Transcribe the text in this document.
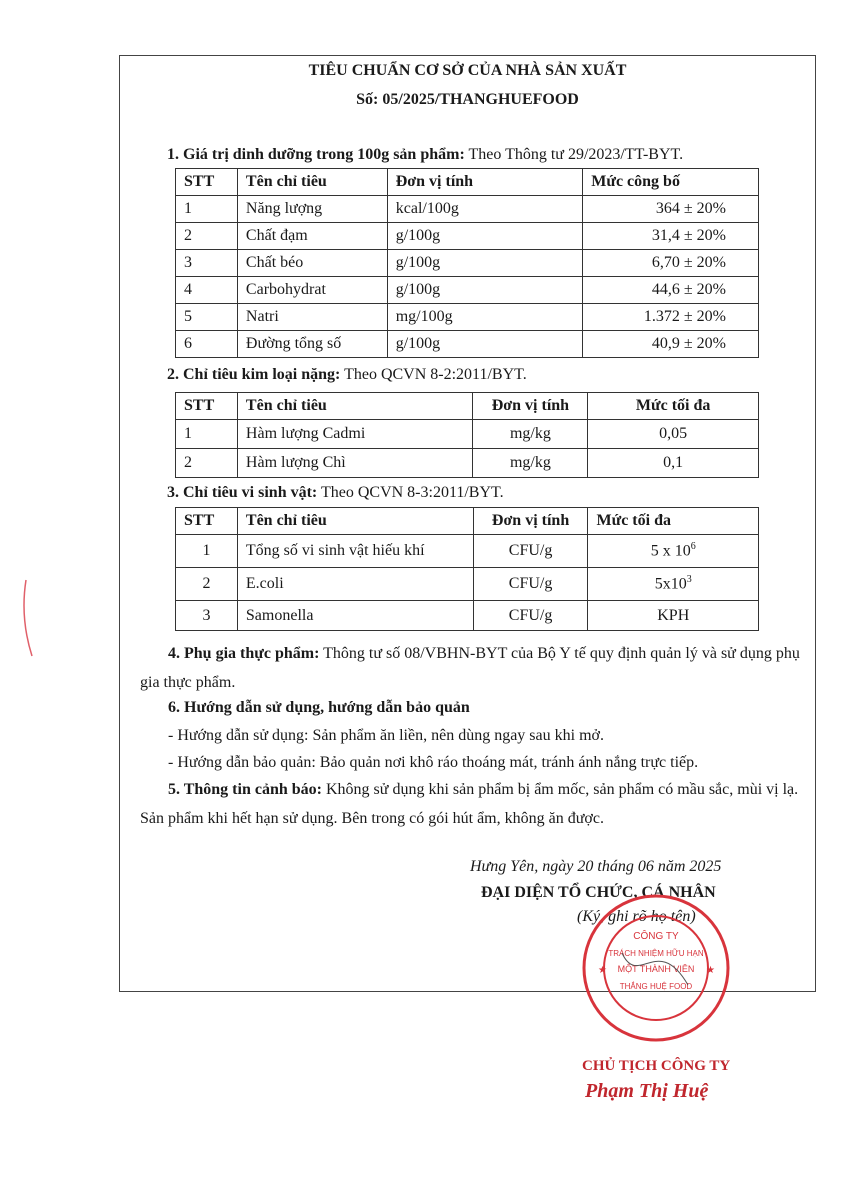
TIÊU CHUẨN CƠ SỞ CỦA NHÀ SẢN XUẤT
Số: 05/2025/THANGHUEFOOD
1. Giá trị dinh dưỡng trong 100g sản phẩm: Theo Thông tư 29/2023/TT-BYT.
STT	Tên chỉ tiêu	Đơn vị tính	Mức công bố
1	Năng lượng	kcal/100g	364 ± 20%
2	Chất đạm	g/100g	31,4 ± 20%
3	Chất béo	g/100g	6,70 ± 20%
4	Carbohydrat	g/100g	44,6 ± 20%
5	Natri	mg/100g	1.372 ± 20%
6	Đường tổng số	g/100g	40,9 ± 20%
2. Chỉ tiêu kim loại nặng: Theo QCVN 8-2:2011/BYT.
STT	Tên chỉ tiêu	Đơn vị tính	Mức tối đa
1	Hàm lượng Cadmi	mg/kg	0,05
2	Hàm lượng Chì	mg/kg	0,1
3. Chỉ tiêu vi sinh vật: Theo QCVN 8-3:2011/BYT.
STT	Tên chỉ tiêu	Đơn vị tính	Mức tối đa
1	Tổng số vi sinh vật hiếu khí	CFU/g	5 x $10^6$
2	E.coli	CFU/g	$5x10^3$
3	Samonella	CFU/g	KPH
4. Phụ gia thực phẩm: Thông tư số 08/VBHN-BYT của Bộ Y tế quy định quản lý và sử dụng phụ gia thực phẩm.
6. Hướng dẫn sử dụng, hướng dẫn bảo quản
- Hướng dẫn sử dụng: Sản phẩm ăn liền, nên dùng ngay sau khi mở.
- Hướng dẫn bảo quản: Bảo quản nơi khô ráo thoáng mát, tránh ánh nắng trực tiếp.
5. Thông tin cảnh báo: Không sử dụng khi sản phẩm bị ẩm mốc, sản phẩm có mầu sắc, mùi vị lạ. Sản phẩm khi hết hạn sử dụng. Bên trong có gói hút ẩm, không ăn được.
Hưng Yên, ngày 20 tháng 06 năm 2025
ĐẠI DIỆN TỔ CHỨC, CÁ NHÂN
(Ký, ghi rõ họ tên)
CÔNG TY
TRÁCH NHIỆM HỮU HẠN
MỘT THÀNH VIÊN
THẮNG HUỆ FOOD
★	★
CHỦ TỊCH CÔNG TY
Phạm Thị Huệ
